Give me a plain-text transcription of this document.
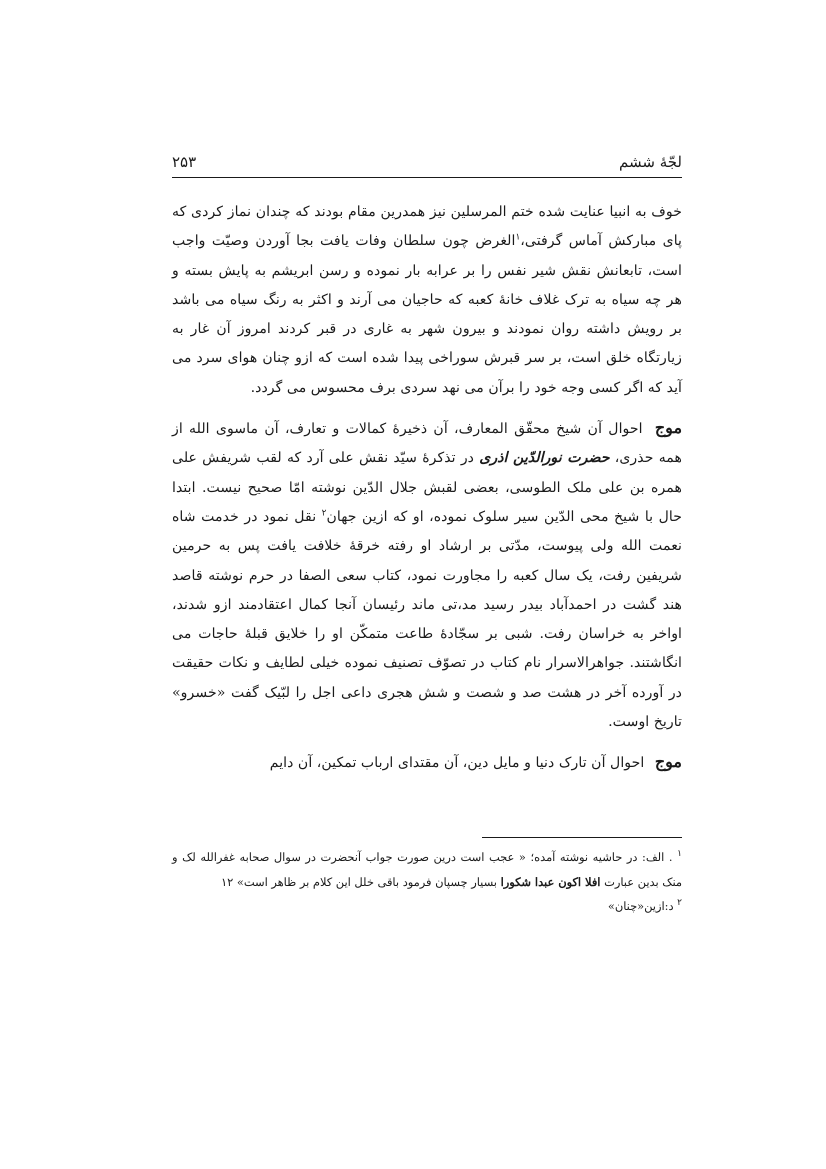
لجّهٔ ششم
۲۵۳

خوف به انبیا عنایت شده ختم المرسلین نیز همدرین مقام بودند که چندان نماز کردی که پای مبارکش آماس گرفتی،$^۱$الغرض چون سلطان وفات یافت بجا آوردن وصیّت واجب است، تابعانش نقش شیر نفس را بر عرابه بار نموده و رسن ابریشم به پایش بسته و هر چه سیاه به ترک غلاف خانهٔ کعبه که حاجیان می آرند و اکثر به رنگ سیاه می باشد بر رویش داشته روان نمودند و بیرون شهر به غاری در قبر کردند امروز آن غار به زیارتگاه خلق است، بر سر قبرش سوراخی پیدا شده است که ازو چنان هوای سرد می آید که اگر کسی وجه خود را برآن می نهد سردی برف محسوس می گردد.

موج احوال آن شیخ محقّق المعارف، آن ذخیرهٔ کمالات و تعارف، آن ماسوی الله از همه حذری، حضرت نورالدّین اذری در تذکرهٔ سیّد نقش علی آرد که لقب شریفش علی همره بن علی ملک الطوسی، بعضی لقبش جلال الدّین نوشته امّا صحیح نیست. ابتدا حال با شیخ محی الدّین سیر سلوک نموده، او که ازین جهان$^۲$ نقل نمود در خدمت شاه نعمت الله ولی پیوست، مدّتی بر ارشاد او رفته خرقهٔ خلافت یافت پس به حرمین شریفین رفت، یک سال کعبه را مجاورت نمود، کتاب سعی الصفا در حرم نوشته قاصد هند گشت در احمدآباد بیدر رسید مد،تی ماند رئیسان آنجا کمال اعتقادمند ازو شدند، اواخر به خراسان رفت. شبی بر سجّادهٔ طاعت متمکّن او را خلایق قبلهٔ حاجات می انگاشتند. جواهرالاسرار نام کتاب در تصوّف تصنیف نموده خیلی لطایف و نکات حقیقت در آورده آخر در هشت صد و شصت و شش هجری داعی اجل را لبّیک گفت «خسرو» تاریخ اوست.

موج احوال آن تارک دنیا و مایل دین، آن مقتدای ارباب تمکین، آن دایم

$^۱$ . الف: در حاشیه نوشته آمده؛ « عجب است درین صورت جواب آنحضرت در سوال صحابه غفرالله لک و منک بدین عبارت افلا اکون عبدا شکورا بسیار چسپان فرمود باقی خلل این کلام بر ظاهر است» ۱۲

$^۲$ د:ازین«چنان»
